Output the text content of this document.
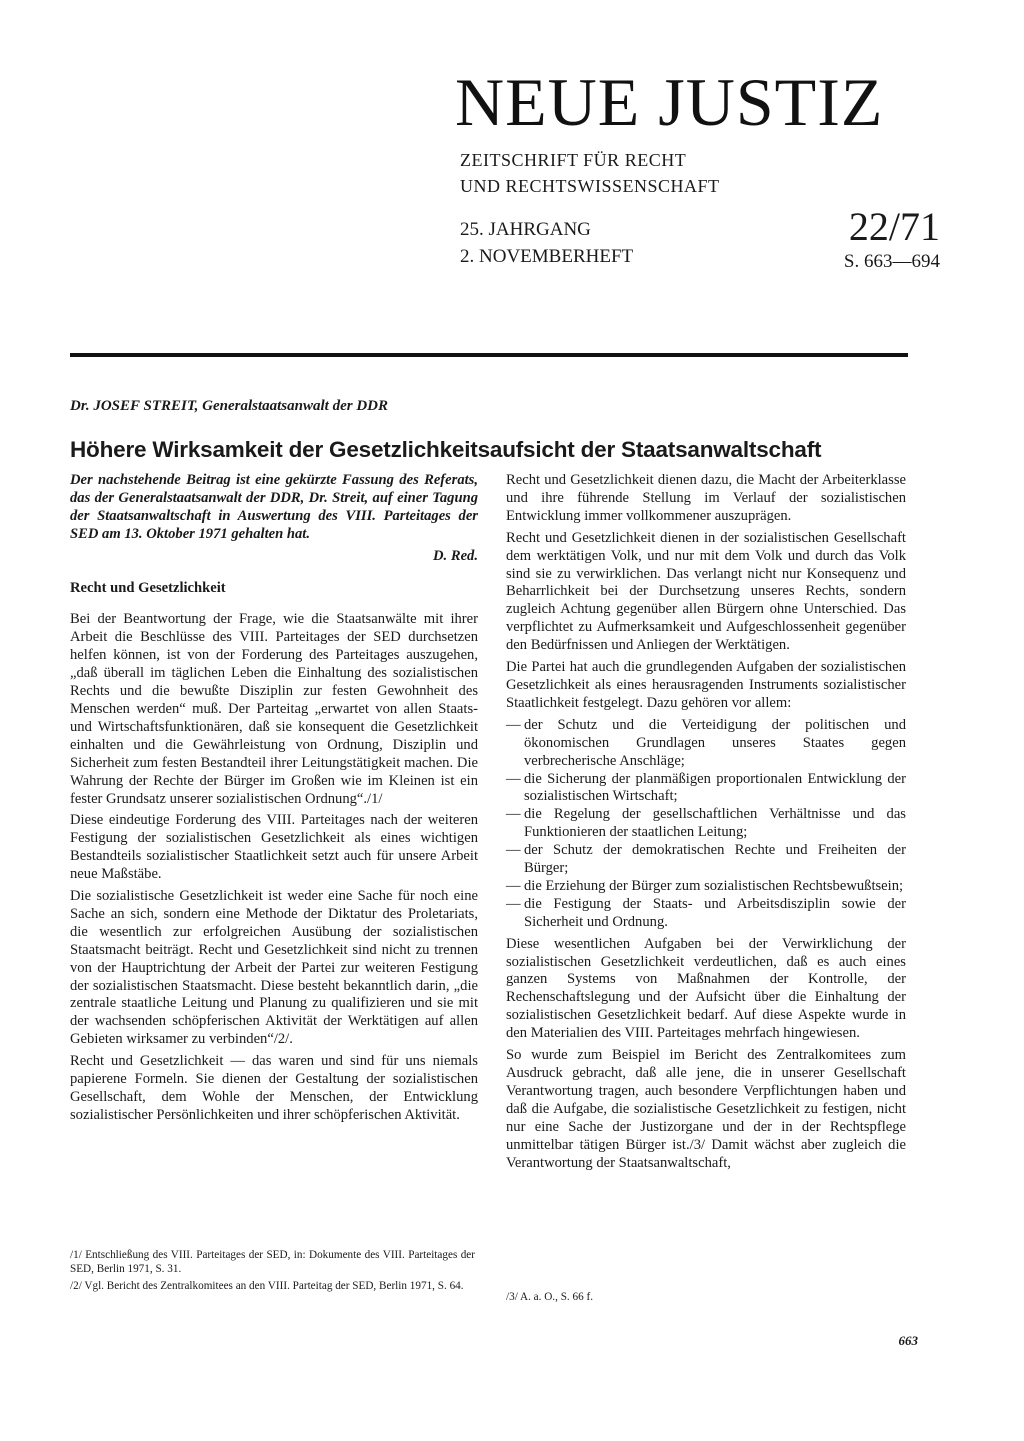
NEUE JUSTIZ
ZEITSCHRIFT FÜR RECHT
UND RECHTSWISSENSCHAFT
25. JAHRGANG
2. NOVEMBERHEFT
22/71
S. 663—694
Dr. JOSEF STREIT, Generalstaatsanwalt der DDR
Höhere Wirksamkeit der Gesetzlichkeitsaufsicht der Staatsanwaltschaft

Der nachstehende Beitrag ist eine gekürzte Fassung des Referats, das der Generalstaatsanwalt der DDR, Dr. Streit, auf einer Tagung der Staatsanwaltschaft in Auswertung des VIII. Parteitages der SED am 13. Oktober 1971 gehalten hat.

D. Red.

Recht und Gesetzlichkeit

Bei der Beantwortung der Frage, wie die Staatsanwälte mit ihrer Arbeit die Beschlüsse des VIII. Parteitages der SED durchsetzen helfen können, ist von der Forderung des Parteitages auszugehen, „daß überall im täglichen Leben die Einhaltung des sozialistischen Rechts und die bewußte Disziplin zur festen Gewohnheit des Menschen werden“ muß. Der Parteitag „erwartet von allen Staats- und Wirtschaftsfunktionären, daß sie konsequent die Gesetzlichkeit einhalten und die Gewährleistung von Ordnung, Disziplin und Sicherheit zum festen Bestandteil ihrer Leitungstätigkeit machen. Die Wahrung der Rechte der Bürger im Großen wie im Kleinen ist ein fester Grundsatz unserer sozialistischen Ordnung“./1/

Diese eindeutige Forderung des VIII. Parteitages nach der weiteren Festigung der sozialistischen Gesetzlichkeit als eines wichtigen Bestandteils sozialistischer Staatlichkeit setzt auch für unsere Arbeit neue Maßstäbe.

Die sozialistische Gesetzlichkeit ist weder eine Sache für noch eine Sache an sich, sondern eine Methode der Diktatur des Proletariats, die wesentlich zur erfolgreichen Ausübung der sozialistischen Staatsmacht beiträgt. Recht und Gesetzlichkeit sind nicht zu trennen von der Hauptrichtung der Arbeit der Partei zur weiteren Festigung der sozialistischen Staatsmacht. Diese besteht bekanntlich darin, „die zentrale staatliche Leitung und Planung zu qualifizieren und sie mit der wachsenden schöpferischen Aktivität der Werktätigen auf allen Gebieten wirksamer zu verbinden“/2/.

Recht und Gesetzlichkeit — das waren und sind für uns niemals papierene Formeln. Sie dienen der Gestaltung der sozialistischen Gesellschaft, dem Wohle der Menschen, der Entwicklung sozialistischer Persönlichkeiten und ihrer schöpferischen Aktivität.

Recht und Gesetzlichkeit dienen dazu, die Macht der Arbeiterklasse und ihre führende Stellung im Verlauf der sozialistischen Entwicklung immer vollkommener auszuprägen.

Recht und Gesetzlichkeit dienen in der sozialistischen Gesellschaft dem werktätigen Volk, und nur mit dem Volk und durch das Volk sind sie zu verwirklichen. Das verlangt nicht nur Konsequenz und Beharrlichkeit bei der Durchsetzung unseres Rechts, sondern zugleich Achtung gegenüber allen Bürgern ohne Unterschied. Das verpflichtet zu Aufmerksamkeit und Aufgeschlossenheit gegenüber den Bedürfnissen und Anliegen der Werktätigen.

Die Partei hat auch die grundlegenden Aufgaben der sozialistischen Gesetzlichkeit als eines herausragenden Instruments sozialistischer Staatlichkeit festgelegt. Dazu gehören vor allem:

— der Schutz und die Verteidigung der politischen und ökonomischen Grundlagen unseres Staates gegen verbrecherische Anschläge;
— die Sicherung der planmäßigen proportionalen Entwicklung der sozialistischen Wirtschaft;
— die Regelung der gesellschaftlichen Verhältnisse und das Funktionieren der staatlichen Leitung;
— der Schutz der demokratischen Rechte und Freiheiten der Bürger;
— die Erziehung der Bürger zum sozialistischen Rechtsbewußtsein;
— die Festigung der Staats- und Arbeitsdisziplin sowie der Sicherheit und Ordnung.

Diese wesentlichen Aufgaben bei der Verwirklichung der sozialistischen Gesetzlichkeit verdeutlichen, daß es auch eines ganzen Systems von Maßnahmen der Kontrolle, der Rechenschaftslegung und der Aufsicht über die Einhaltung der sozialistischen Gesetzlichkeit bedarf. Auf diese Aspekte wurde in den Materialien des VIII. Parteitages mehrfach hingewiesen.

So wurde zum Beispiel im Bericht des Zentralkomitees zum Ausdruck gebracht, daß alle jene, die in unserer Gesellschaft Verantwortung tragen, auch besondere Verpflichtungen haben und daß die Aufgabe, die sozialistische Gesetzlichkeit zu festigen, nicht nur eine Sache der Justizorgane und der in der Rechtspflege unmittelbar tätigen Bürger ist./3/ Damit wächst aber zugleich die Verantwortung der Staatsanwaltschaft,

/1/ Entschließung des VIII. Parteitages der SED, in: Dokumente des VIII. Parteitages der SED, Berlin 1971, S. 31.

/2/ Vgl. Bericht des Zentralkomitees an den VIII. Parteitag der SED, Berlin 1971, S. 64.

/3/ A. a. O., S. 66 f.

663
